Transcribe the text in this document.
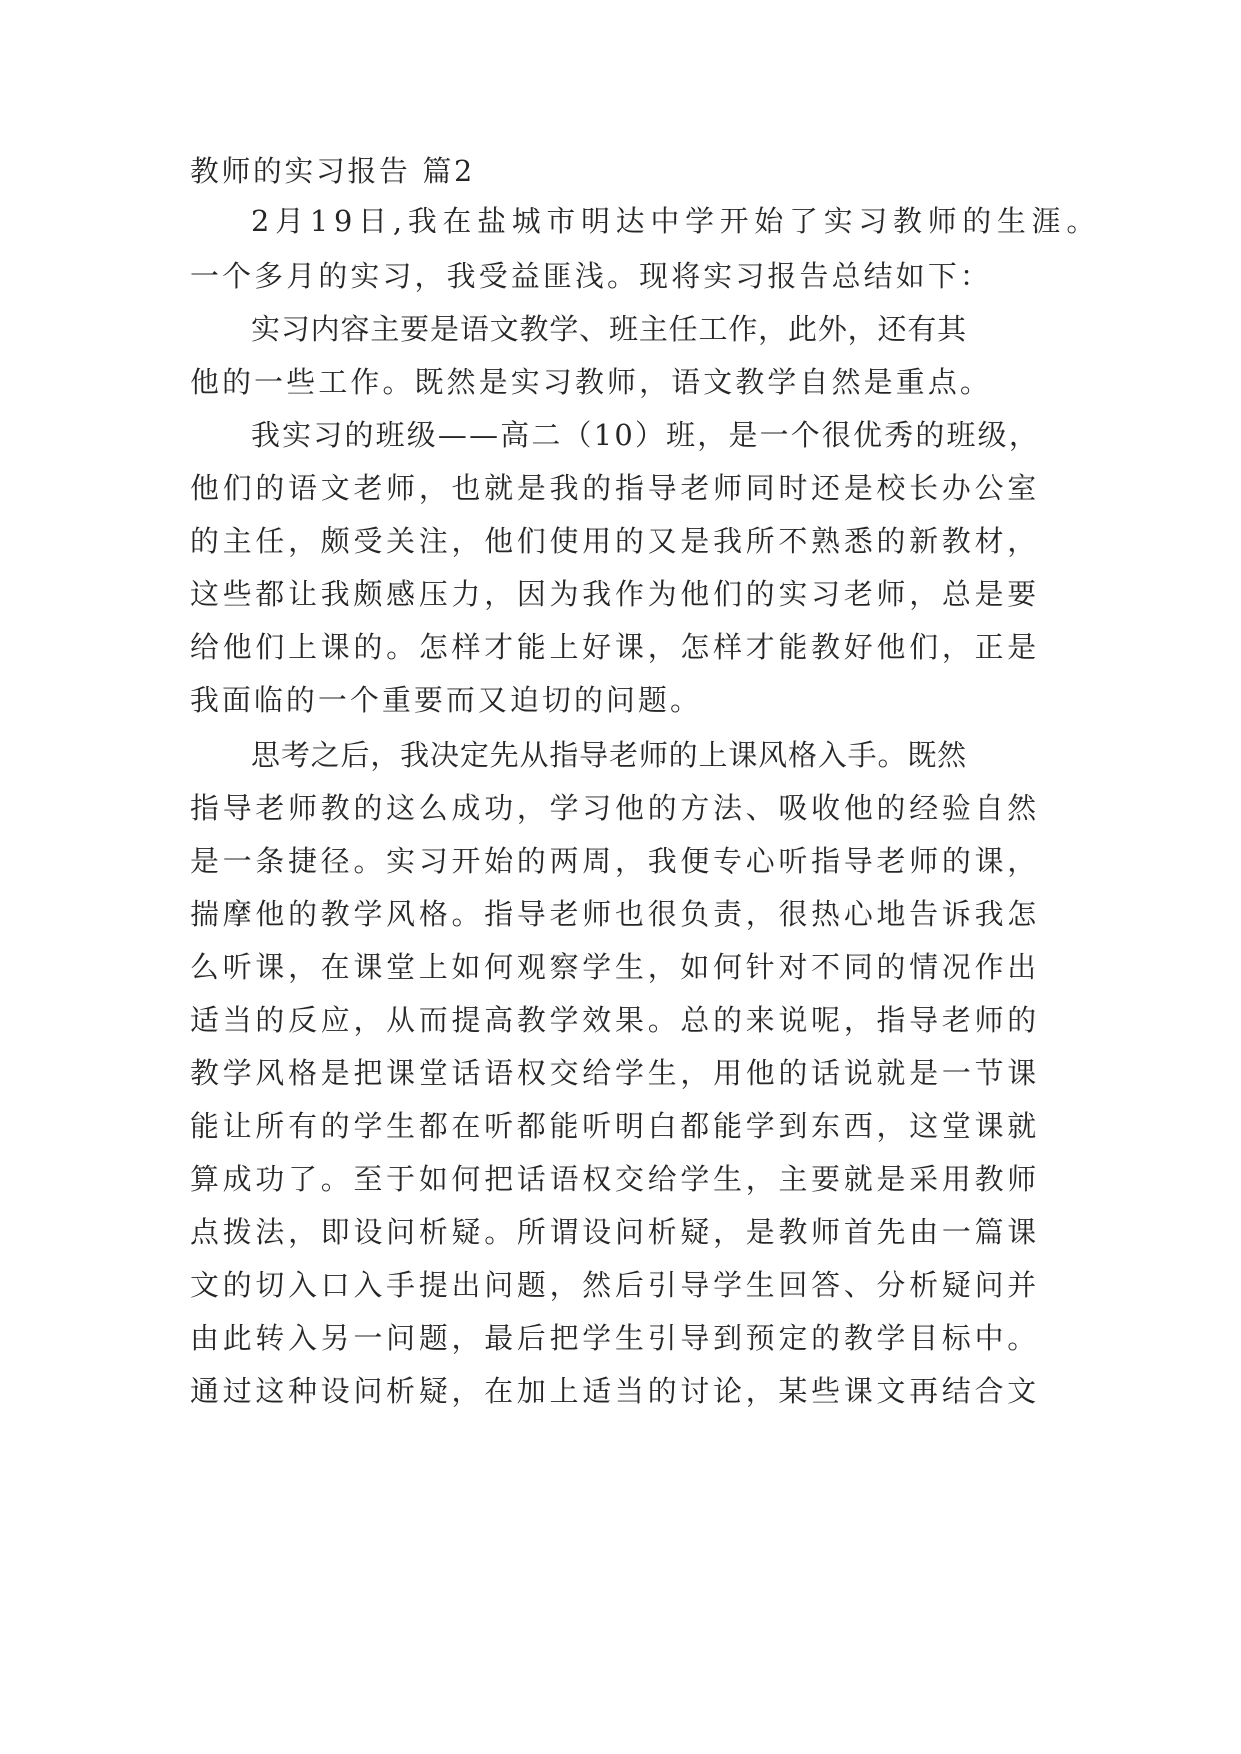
教师的实习报告 篇2
2月19日,我在盐城市明达中学开始了实习教师的生涯。
一个多月的实习，我受益匪浅。现将实习报告总结如下：
实习内容主要是语文教学、班主任工作，此外，还有其
他的一些工作。既然是实习教师，语文教学自然是重点。
我实习的班级——高二（10）班，是一个很优秀的班级，
他们的语文老师，也就是我的指导老师同时还是校长办公室
的主任，颇受关注，他们使用的又是我所不熟悉的新教材，
这些都让我颇感压力，因为我作为他们的实习老师，总是要
给他们上课的。怎样才能上好课，怎样才能教好他们，正是
我面临的一个重要而又迫切的问题。
思考之后，我决定先从指导老师的上课风格入手。既然
指导老师教的这么成功，学习他的方法、吸收他的经验自然
是一条捷径。实习开始的两周，我便专心听指导老师的课，
揣摩他的教学风格。指导老师也很负责，很热心地告诉我怎
么听课，在课堂上如何观察学生，如何针对不同的情况作出
适当的反应，从而提高教学效果。总的来说呢，指导老师的
教学风格是把课堂话语权交给学生，用他的话说就是一节课
能让所有的学生都在听都能听明白都能学到东西，这堂课就
算成功了。至于如何把话语权交给学生，主要就是采用教师
点拨法，即设问析疑。所谓设问析疑，是教师首先由一篇课
文的切入口入手提出问题，然后引导学生回答、分析疑问并
由此转入另一问题，最后把学生引导到预定的教学目标中。
通过这种设问析疑，在加上适当的讨论，某些课文再结合文
